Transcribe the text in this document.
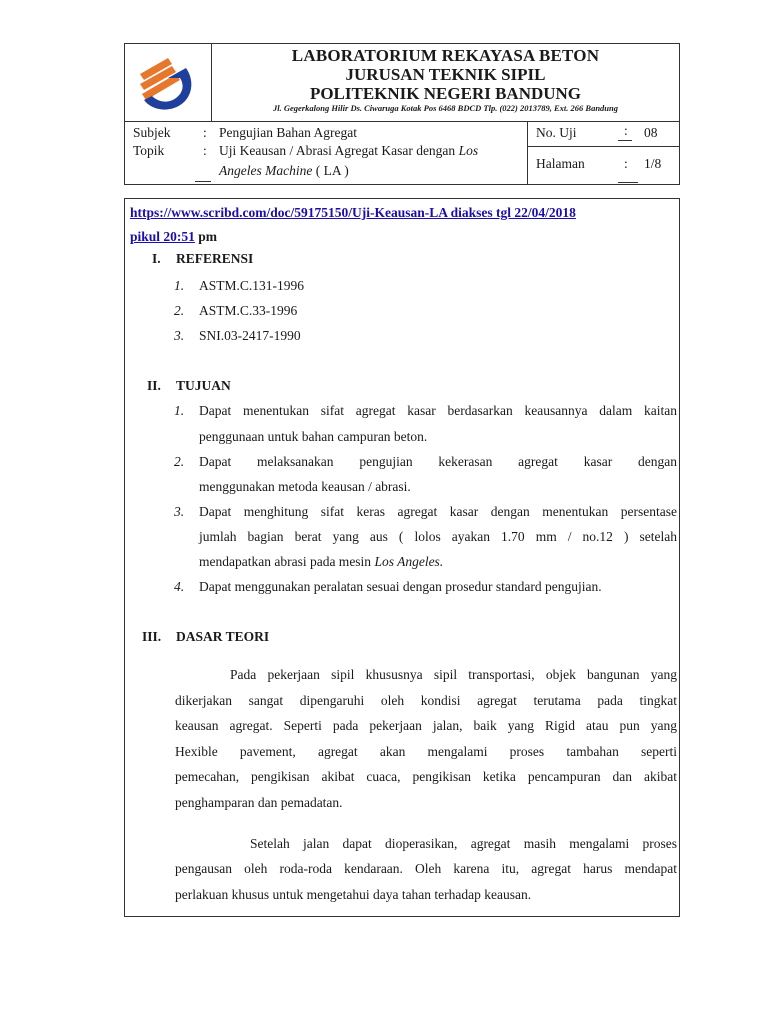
LABORATORIUM REKAYASA BETON
JURUSAN TEKNIK SIPIL
POLITEKNIK NEGERI BANDUNG
Jl. Gegerkalong Hilir Ds. Ciwaruga Kotak Pos 6468 BDCD Tlp. (022) 2013789, Ext. 266 Bandung
Subjek : Pengujian Bahan Agregat
Topik	: Uji Keausan / Abrasi Agregat Kasar dengan Los
Angeles Machine ( LA )
No. Uji	: 08
Halaman	: 1/8
https://www.scribd.com/doc/59175150/Uji-Keausan-LA diakses tgl 22/04/2018
pikul 20:51 pm
I. REFERENSI
1. ASTM.C.131-1996
2. ASTM.C.33-1996
3. SNI.03-2417-1990
II. TUJUAN
1. Dapat menentukan sifat agregat kasar berdasarkan keausannya dalam kaitan
penggunaan untuk bahan campuran beton.
2. Dapat melaksanakan pengujian kekerasan agregat kasar dengan
menggunakan metoda keausan / abrasi.
3. Dapat menghitung sifat keras agregat kasar dengan menentukan persentase
jumlah bagian berat yang aus ( lolos ayakan 1.70 mm / no.12 ) setelah
mendapatkan abrasi pada mesin Los Angeles.
4. Dapat menggunakan peralatan sesuai dengan prosedur standard pengujian.
III. DASAR TEORI
Pada pekerjaan sipil khususnya sipil transportasi, objek bangunan yang
dikerjakan sangat dipengaruhi oleh kondisi agregat terutama pada tingkat
keausan agregat. Seperti pada pekerjaan jalan, baik yang Rigid atau pun yang
Hexible pavement, agregat akan mengalami proses tambahan seperti
pemecahan, pengikisan akibat cuaca, pengikisan ketika pencampuran dan akibat
penghamparan dan pemadatan.
Setelah jalan dapat dioperasikan, agregat masih mengalami proses
pengausan oleh roda-roda kendaraan. Oleh karena itu, agregat harus mendapat
perlakuan khusus untuk mengetahui daya tahan terhadap keausan.
